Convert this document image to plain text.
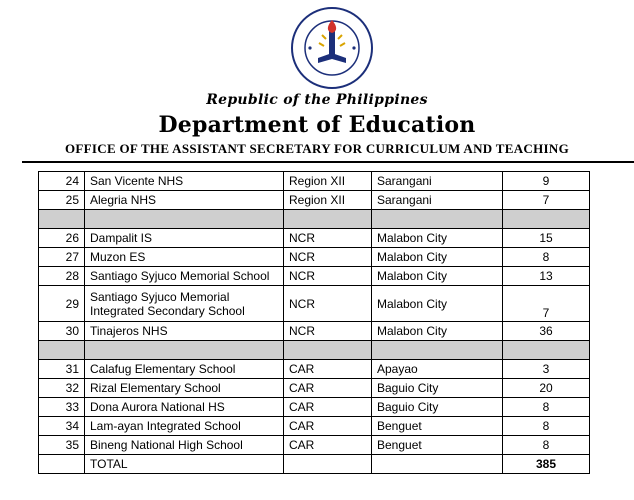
Republic of the Philippines
Department of Education
OFFICE OF THE ASSISTANT SECRETARY FOR CURRICULUM AND TEACHING
24	San Vicente NHS	Region XII	Sarangani	9
25	Alegria NHS	Region XII	Sarangani	7

26	Dampalit IS	NCR	Malabon City	15
27	Muzon ES	NCR	Malabon City	8
28	Santiago Syjuco Memorial School	NCR	Malabon City	13
29	Santiago Syjuco Memorial Integrated Secondary School	NCR	Malabon City	7
30	Tinajeros NHS	NCR	Malabon City	36

31	Calafug Elementary School	CAR	Apayao	3
32	Rizal Elementary School	CAR	Baguio City	20
33	Dona Aurora National HS	CAR	Baguio City	8
34	Lam-ayan Integrated School	CAR	Benguet	8
35	Bineng National High School	CAR	Benguet	8
	TOTAL			385
